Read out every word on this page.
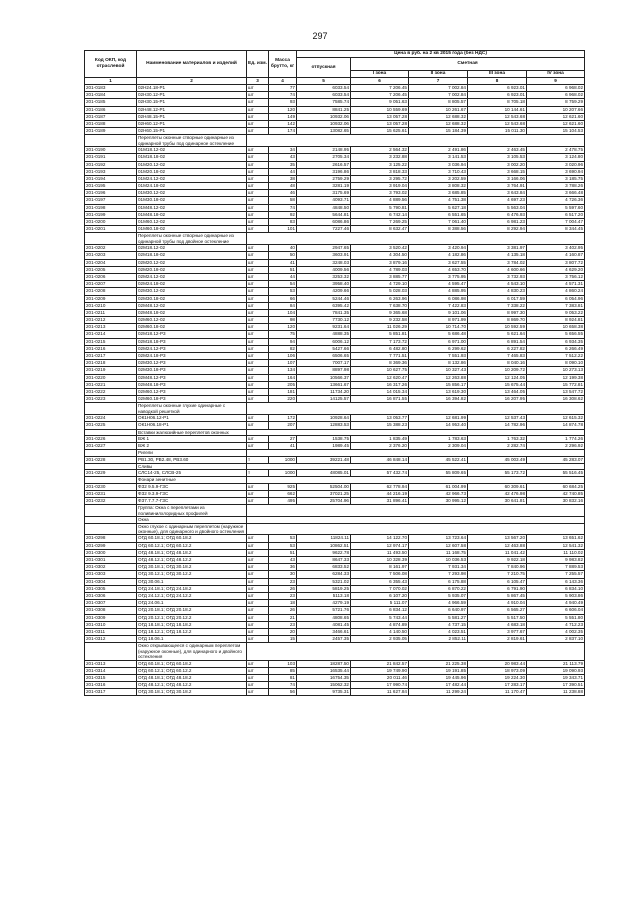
297
Код ОКП, код отраслевой	Наименование материалов и изделий	Ед. изм.	Масса брутто, кг	Цена в руб. на 2 кв 2015 года (без НДС)				
				отпускная	Сметная			
					I зона	II зона	III зона	IV зона
1	2	3	4	5	6	7	8	9
201-0183	02Н24.18-Р1	шт	77	6033.54	7 206.45	7 002.84	6 923.01	6 968.02
201-0184	02Н30.12-Р1	шт	74	6033.54	7 206.45	7 002.84	6 923.01	6 968.02
201-0185	02Н30.15-Р1	шт	93	7585.74	9 051.63	8 805.57	8 705.18	8 759.29
201-0186	02Н48.12-Р1	шт	120	8841.25	10 559.69	10 261.67	10 144.61	10 207.66
201-0187	02Н48.15-Р1	шт	149	10932.06	13 057.28	12 688.32	12 543.68	12 621.60
201-0188	02Н60.12-Р1	шт	142	10932.06	13 057.28	12 688.32	12 543.68	12 621.60
201-0189	02Н60.15-Р1	шт	174	13082.65	15 625.61	15 184.39	15 011.30	15 104.53
	Переплеты оконные створные одинарные из одинарной трубы под одинарное остекление							
201-0190	01М18.12-02	шт	34	2148.95	2 564.32	2 491.86	2 463.45	2 478.75
201-0191	01М18.18-02	шт	43	2705.34	3 232.88	3 141.53	3 105.53	3 124.80
201-0192	01М20.12-02	шт	35	2616.57	3 125.22	3 036.94	3 002.20	3 020.96
201-0193	01М20.18-02	шт	44	3196.86	3 818.33	3 710.43	3 668.15	3 690.94
201-0194	01М24.12-02	шт	38	2759.29	3 295.72	3 202.59	3 166.06	3 185.75
201-0195	01М24.18-02	шт	48	3281.19	3 919.04	3 808.32	3 764.91	3 788.26
201-0196	01М30.12-02	шт	46	3175.69	3 793.02	3 685.85	3 643.84	3 666.48
201-0197	01М30.18-02	шт	58	4093.71	4 889.56	4 751.38	4 697.23	4 726.36
201-0198	01М48.12-02	шт	74	4848.50	5 790.81	5 627.18	5 563.04	5 597.60
201-0199	01М48.18-02	шт	92	5644.81	6 742.14	6 551.65	6 476.93	6 517.20
201-0200	01М60.12-02	шт	83	6086.86	7 269.25	7 061.40	6 981.23	7 004.47
201-0201	01М60.18-02	шт	101	7227.46	8 632.47	8 388.56	8 292.94	8 344.45
	Переплеты оконные створные одинарные из одинарной трубы под двойное остекление							
201-0202	02М18.12-02	шт	40	2947.65	3 520.42	3 420.94	3 381.97	3 402.95
201-0203	02М18.18-02	шт	50	3603.91	4 304.50	4 182.86	4 135.18	4 160.87
201-0204	02М20.12-02	шт	41	3248.03	3 879.16	3 627.55	3 784.02	3 807.72
201-0205	02М20.18-02	шт	51	4009.56	4 789.03	4 653.70	4 600.66	4 629.20
201-0206	02М24.12-02	шт	44	3253.32	3 885.77	3 775.95	3 732.93	3 756.12
201-0207	02М24.18-02	шт	54	3958.40	4 729.10	4 595.47	4 543.10	4 571.31
201-0208	02М30.12-02	шт	53	4209.66	5 028.03	4 885.95	4 830.23	4 860.24
201-0209	02М30.18-02	шт	66	5244.46	6 263.96	6 086.98	6 017.59	6 054.96
201-0210	02М48.12-02	шт	84	6395.42	7 638.70	7 422.83	7 338.22	7 383.81
201-0211	02М48.18-02	шт	104	7841.35	9 365.68	9 101.06	8 997.30	9 053.22
201-0212	02М60.12-02	шт	98	7730.12	9 232.58	8 971.99	8 869.70	8 924.81
201-0213	02М60.18-02	шт	120	9231.64	11 026.29	10 714.70	10 592.59	10 658.38
201-0214	02М18.12-Р3	шт	75	4888.35	5 851.81	5 686.48	5 621.64	5 656.55
201-0215	02М18.18-Р3	шт	94	6006.12	7 173.72	6 971.00	6 891.54	6 934.35
201-0216	02М24.12-Р3	шт	82	5427.66	6 482.80	6 299.62	6 227.82	6 266.49
201-0217	02М24.18-Р3	шт	106	6506.65	7 771.51	7 551.93	7 465.83	7 512.22
201-0218	02М30.12-Р3	шт	107	7007.17	8 369.36	8 132.86	8 040.16	8 090.10
201-0219	02М30.18-Р3	шт	134	8897.98	10 627.75	10 327.43	10 209.72	10 273.13
201-0220	02М48.12-Р3	шт	164	10566.37	12 620.47	12 263.88	12 124.05	12 199.38
201-0221	02М48.18-Р3	шт	205	13661.67	16 317.26	15 856.17	15 675.44	15 772.81
201-0222	02М60.12-Р3	шт	181	11734.20	14 015.34	13 619.30	13 464.05	13 547.72
201-0223	02М60.18-Р3	шт	220	14125.57	16 871.55	16 394.82	16 207.95	16 308.62
	Переплеты оконные глухие одинарные с наводкой решеткой							
201-0224	ОК1Н06.12-Р1	шт	172	10928.64	13 053.77	12 681.99	12 537.43	12 615.32
201-0225	ОК1Н06.18-Р1	шт	207	12883.53	15 388.23	14 953.40	14 782.96	14 874.78
	Вставки жалюзийные переплетов оконных							
201-0226	ВЖ 1	шт	27	1538.75	1 835.49	1 783.63	1 763.32	1 774.26
201-0227	ВЖ 2	шт	41	1989.45	2 376.20	2 309.04	2 282.74	2 296.92
	Ригели							
201-0228	РВ1.30, РВ2.48, РВ3.60	т	1000	39221.48	46 848.14	45 522.41	45 003.49	45 283.07
	Сливы							
201-0229	СЛС14-25, СЛСВ-25	т	1000	48085.01	57 432.74	55 809.65	55 173.72	55 516.45
	Фонари зенитные							
201-0230	ФЗ2 9.5.9-ГЗС	шт	925	52504.00	62 778.94	61 004.99	60 309.61	60 684.25
201-0231	ФЗ2 9.3.9-ГЗС	шт	662	37021.25	44 216.19	42 966.73	42 476.98	42 740.85
201-0232	ФЗ7.7.7.7-ГЗС	шт	495	25704.96	31 896.41	30 995.12	30 641.81	30 832.16
	Группа: Окна с переплетами из поливинилхлоридных профилей							
	Окна							
	Окно глухое с одинарным переплетом (наружное оконные), для одинарного и двойного остекления							
201-0298	ОГД 60.18.1; ОГД 60.18.2	шт	53	11824.11	14 122.70	13 723.64	13 567.20	13 651.62
201-0299	ОГД 60.12.1; ОГД 60.12.2	шт	53	10862.51	12 974.17	12 607.58	12 463.88	12 541.32
201-0300	ОГД 48.18.1; ОГД 48.18.2	шт	51	9622.78	11 493.50	11 168.75	11 041.42	11 110.02
201-0301	ОГД 48.12.1; ОГД 48.12.2	шт	43	8647.33	10 328.39	10 036.53	9 922.18	9 983.82
201-0302	ОГД 30.18.1; ОГД 30.18.2	шт	36	6833.52	8 161.97	7 931.34	7 840.96	7 889.53
201-0303	ОГД 30.12.1; ОГД 30.12.2	шт	30	6284.33	7 506.08	7 293.98	7 210.75	7 255.57
201-0304	ОГД 30.06.1	шт	23	5321.02	6 355.43	6 175.88	6 105.47	6 143.36
201-0305	ОГД 24.18.1; ОГД 24.18.2	шт	26	5819.25	7 070.02	6 870.22	6 791.90	6 834.10
201-0306	ОГД 24.12.1; ОГД 24.12.2	шт	23	5113.18	6 107.20	5 935.07	5 867.45	5 903.86
201-0307	ОГД 24.06.1	шт	18	4279.19	5 111.07	4 966.59	4 910.04	4 940.49
201-0308	ОГД 20.18.1; ОГД 20.18.2	шт	26	5721.76	6 834.12	6 640.97	6 565.27	6 606.04
201-0309	ОГД 20.12.1; ОГД 20.12.2	шт	21	4808.65	5 743.44	5 581.27	5 517.50	5 551.80
201-0310	ОГД 18.18.1; ОГД 18.18.2	шт	23	4081.45	4 874.89	4 737.15	4 683.18	4 712.23
201-0311	ОГД 18.12.1; ОГД 18.12.2	шт	20	3466.61	4 140.50	4 023.51	3 977.67	4 002.35
201-0312	ОГД 18.06.1	шт	15	2457.35	2 935.05	2 852.11	2 819.61	2 837.10
	Окно открывающееся с одинарным переплетом (наружное оконные), для одинарного и двойного остекления							
201-0313	ОГД 60.18.1; ОГД 60.18.2	шт	103	18287.50	21 842.57	21 225.38	20 983.44	21 113.79
201-0314	ОГД 60.12.1; ОГД 60.12.2	шт	85	16535.44	19 749.90	19 191.85	18 973.09	19 090.93
201-0315	ОГД 48.18.1; ОГД 48.18.2	шт	81	16754.35	20 011.46	19 445.96	19 224.30	19 343.71
201-0316	ОГД 48.12.1; ОГД 48.12.2	шт	74	15062.32	17 990.74	17 482.44	17 283.17	17 390.51
201-0317	ОГД 30.18.1; ОГД 30.18.2	шт	56	9735.31	11 627.84	11 299.24	11 170.47	11 238.88
